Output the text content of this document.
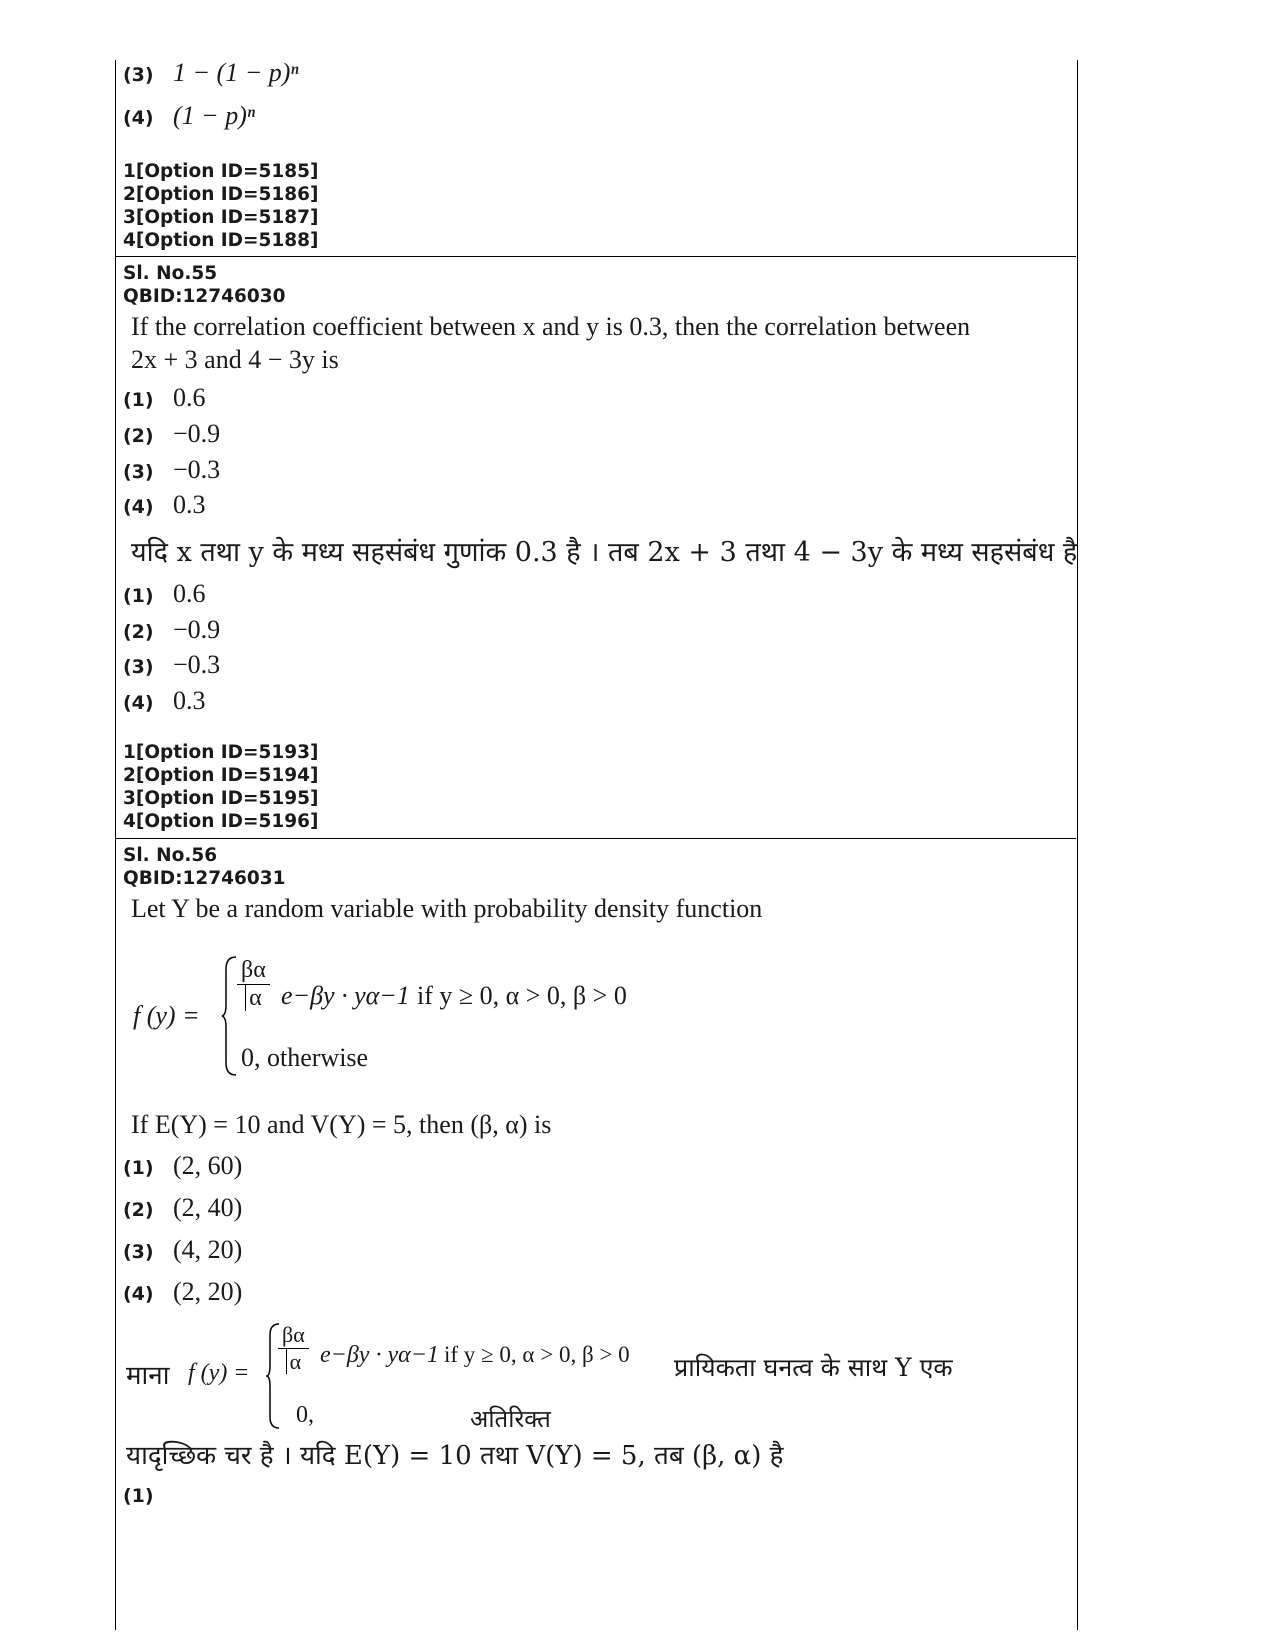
(3) 1 − (1 − p)ⁿ
(4) (1 − p)ⁿ
1[Option ID=5185]
2[Option ID=5186]
3[Option ID=5187]
4[Option ID=5188]
Sl. No.55
QBID:12746030
If the correlation coefficient between x and y is 0.3, then the correlation between
2x + 3 and 4 − 3y is
(1) 0.6
(2) −0.9
(3) −0.3
(4) 0.3
यदि x तथा y के मध्य सहसंबंध गुणांक 0.3 है । तब 2x + 3 तथा 4 − 3y के मध्य सहसंबंध है
(1) 0.6
(2) −0.9
(3) −0.3
(4) 0.3
1[Option ID=5193]
2[Option ID=5194]
3[Option ID=5195]
4[Option ID=5196]
Sl. No.56
QBID:12746031
Let Y be a random variable with probability density function
f (y) =
$\frac{\beta\alpha}{\alpha} e-\beta y \cdot y\alpha-1$ if y ≥ 0, α > 0, β > 0
0, otherwise
If E(Y) = 10 and V(Y) = 5, then (β, α) is
(1) (2, 60)
(2) (2, 40)
(3) (4, 20)
(4) (2, 20)
माना f $(y) = \frac{\beta\alpha}{\alpha} e-\beta y \cdot y\alpha-1$ if y ≥ 0, α > 0, β > 0 प्रायिकता घनत्व के साथ Y एक
0,	अतिरिक्त
यादृच्छिक चर है । यदि E(Y) = 10 तथा V(Y) = 5, तब (β, α) है
(1)
